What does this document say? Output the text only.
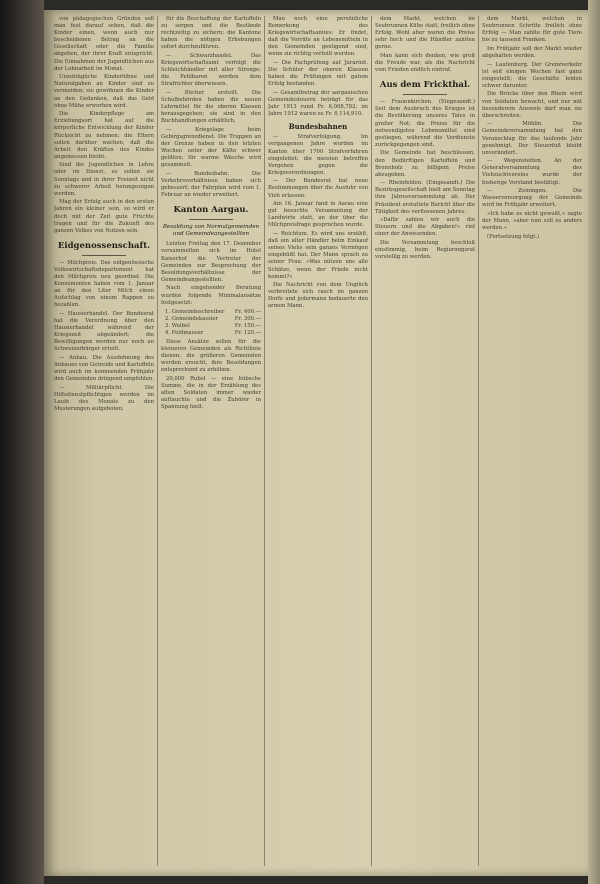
von pädagogischen Gründen soll man fest darauf sehen, daß die Kinder einen, wenn auch nur bescheidenen Betrag an die Gesellschaft oder die Familie abgeben, der ihrer Kraft entspricht. Die Einnahmen der Jugendlichen aus der Lohnarbeit im Monat.

Unzuträgliche Kinderlöhne und Naturalgaben an Kinder sind zu vermeiden; sie gewöhnen die Kinder an den Gedanken, daß das Geld ohne Mühe erworben wird.

Die Kinderpflege am Erziehungsort hat auf die körperliche Entwicklung der Kinder Rücksicht zu nehmen; die Eltern sollen darüber wachen, daß die Arbeit den Kräften des Kindes angemessen bleibt.

Sind die Jugendlichen in Lehre oder im Dienst, so sollen sie Sonntags und in ihrer Freizeit nicht zu schwerer Arbeit herangezogen werden.

Mag der Erfolg auch in den ersten Jahren ein kleiner sein, so wird er doch mit der Zeit gute Früchte tragen und für die Zukunft des ganzen Volkes von Nutzen sein.

Eidgenossenschaft.

— Milchpreis. Das eidgenössische Volkswirtschaftsdepartement hat den Milchpreis neu geordnet. Die Konsumenten haben vom 1. Januar an für den Liter Milch einen Aufschlag von einem Rappen zu bezahlen.

— Hausierhandel. Der Bundesrat hat die Verordnung über den Hausierhandel während der Kriegszeit abgeändert; die Bewilligungen werden nur noch an Schweizerbürger erteilt.

— Anbau. Die Ausdehnung des Anbaues von Getreide und Kartoffeln wird auch im kommenden Frühjahr den Gemeinden dringend empfohlen.

— Militärpflicht. Die Hilfsdienstpflichtigen werden im Laufe des Monats zu den Musterungen aufgeboten.

für die Beschaffung der Kartoffeln zu sorgen und die Bestände rechtzeitig zu sichern; die Kantone haben die nötigen Erhebungen sofort durchzuführen.

— Schwarzhandel. Das Kriegswirtschaftsamt verfolgt die Schleichhändler mit aller Strenge; die Fehlbaren werden dem Strafrichter überwiesen.

— Bücher erstellt. Die Schulbehörden haben die neuen Lehrmittel für die oberen Klassen herausgegeben; sie sind in den Buchhandlungen erhältlich.

— Kriegslage beim Gebirgsgrenzdienst. Die Truppen an der Grenze haben in den letzten Wochen unter der Kälte schwer gelitten; für warme Wäsche wird gesammelt.

— Bundesbahn. Die Verkehrsverhältnisse haben sich gebessert; der Fahrplan wird vom 1. Februar an wieder erweitert.

Kanton Aargau.
Besoldung von Normalgemeinden und Gemeindeangestellten

Letzten Freitag den 17. Dezember versammelten sich im Hotel Kaiserhof die Vertreter der Gemeinden zur Besprechung der Besoldungsverhältnisse der Gemeindeangestellten.

Nach eingehender Beratung wurden folgende Minimalansätze festgesetzt:

1. Gemeindeschreiber Fr. 400.—
2. Gemeindekassier	Fr. 300.—
3. Weibel	Fr. 150.—
4. Feldmauser	Fr. 120.—

Diese Ansätze sollen für die kleineren Gemeinden als Richtlinie dienen; die größeren Gemeinden werden ersucht, ihre Besoldungen entsprechend zu erhöhen.

20,000 Rubel — eine hübsche Summe, die in der Erzählung des alten Soldaten immer wieder auftauchte und die Zuhörer in Spannung hielt.

Man noch eine persönliche Bemerkung des Kriegswirtschaftsamtes: Er findet, daß die Vorräte an Lebensmitteln in den Gemeinden genügend sind, wenn sie richtig verteilt werden.

— Die Fachprüfung auf Jurarüst. Die Schüler der oberen Klassen haben die Prüfungen mit gutem Erfolg bestanden.

— Gesamtbetrag der aargauischen Gemeindesteuern beträgt für das Jahr 1913 rund Fr. 6,008,782; im Jahre 1912 waren es Fr. 6,114,910.

Bundesbahnen

— Strafverfolgung. Im vergangenen Jahre wurden im Kanton über 1700 Strafverfahren eingeleitet; die meisten betreffen Vergehen gegen die Kriegsverordnungen.

— Der Bundesrat hat neue Bestimmungen über die Ausfuhr von Vieh erlassen.

Am 16. Januar fand in Aarau eine gut besuchte Versammlung der Landwirte statt, an der über die Milchpreisfrage gesprochen wurde.

— Reichtum. Es wird uns erzählt, daß ein alter Händler beim Einkauf seines Viehs sein ganzes Vermögen eingebüßt hat. Der Mann sprach zu seiner Frau: »Was nützen uns alle Schätze, wenn der Friede nicht kommt?«

Die Nachricht von dem Unglück verbreitete sich rasch im ganzen Dorfe und jedermann bedauerte den armen Mann.

dem Markt, welchen im Seebrunnen Kühe statt, freilich ohne Erfolg. Wohl aber waren die Preise sehr hoch und die Händler zahlten gerne.

Man kann sich denken, wie groß die Freude war, als die Nachricht vom Frieden endlich eintraf.

Aus dem Frickthal.

— Frauenkirchen. (Eingesandt.) Seit dem Ausbruch des Krieges ist die Bevölkerung unseres Tales in großer Not; die Preise für die notwendigsten Lebensmittel sind gestiegen, während die Verdienste zurückgegangen sind.

Die Gemeinde hat beschlossen, den Bedürftigen Kartoffeln und Brennholz zu billigem Preise abzugeben.

— Rheinfelden. (Eingesandt.) Die Bezirksgesellschaft hielt am Sonntag ihre Jahresversammlung ab. Der Präsident erstattete Bericht über die Tätigkeit des verflossenen Jahres.

»Dafür zahlen wir auch die Steuern und die Abgaben!« rief einer der Anwesenden.

Die Versammlung beschloß einstimmig, beim Regierungsrat vorstellig zu werden.

dem Markt, welchen in Seebrunnen Schritte freilich ohne Erfolg — Man zahlte für gute Tiere bis zu tausend Franken.

Im Frühjahr soll der Markt wieder abgehalten werden.

— Laufenburg. Der Grenzverkehr ist seit einigen Wochen fast ganz eingestellt; die Geschäfte leiden schwer darunter.

Die Brücke über den Rhein wird von Soldaten bewacht, und nur mit besonderem Ausweis darf man sie überschreiten.

— Möhlin. Die Gemeindeversammlung hat den Voranschlag für das laufende Jahr genehmigt. Der Steuerfuß bleibt unverändert.

— Wegenstetten. An der Generalversammlung des Viehzuchtvereins wurde der bisherige Vorstand bestätigt.

— Zeiningen. Die Wasserversorgung der Gemeinde wird im Frühjahr erweitert.

»Ich habe es nicht gewußt,« sagte der Mann, »aber nun soll es anders werden.«

(Fortsetzung folgt.)
